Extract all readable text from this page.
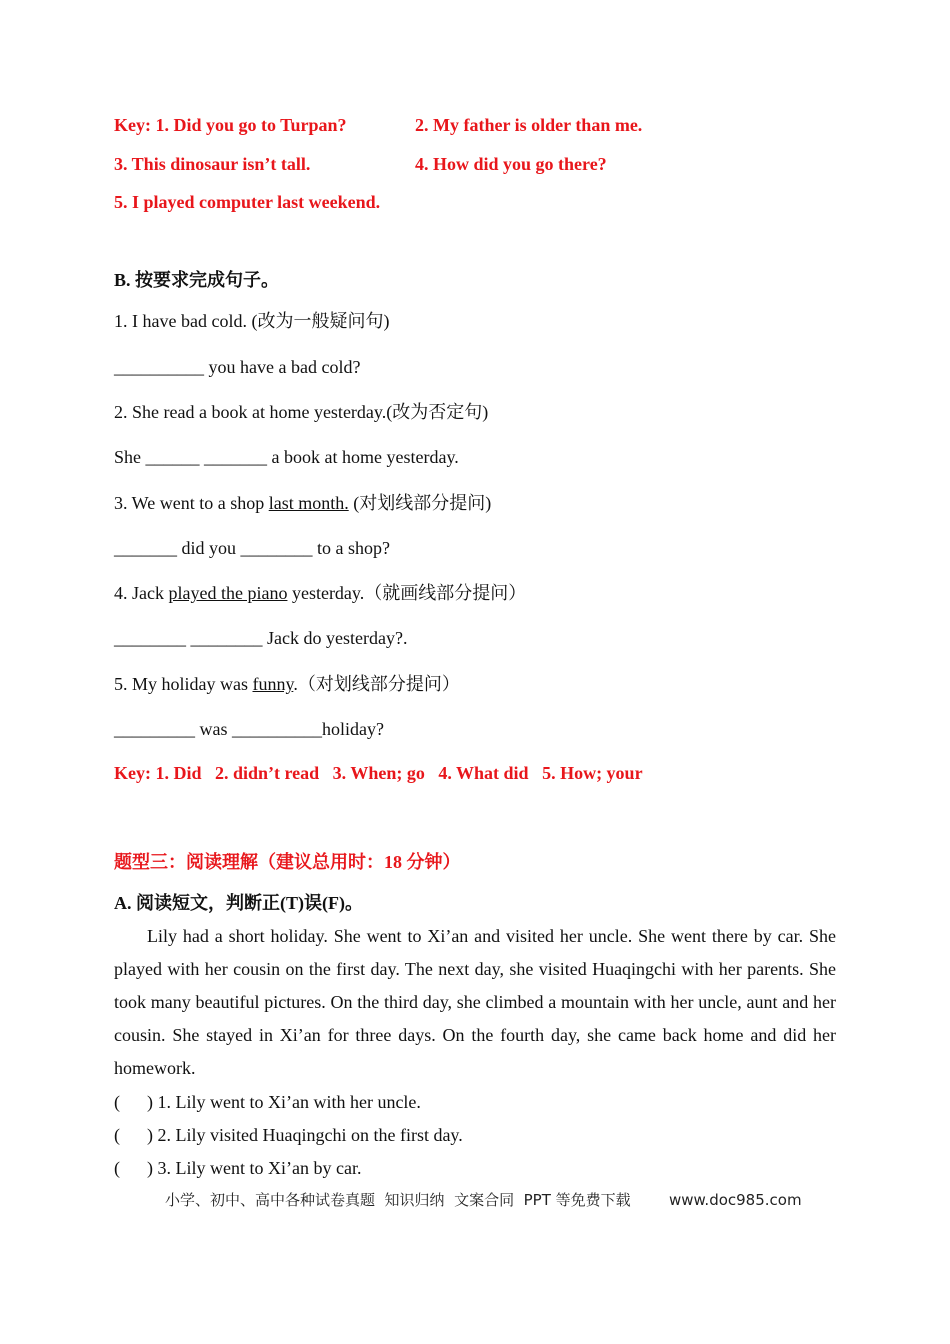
Key: 1. Did you go to Turpan?	2. My father is older than me.
3. This dinosaur isn’t tall.	4. How did you go there?
5. I played computer last weekend.
B. 按要求完成句子。
1. I have bad cold. (改为一般疑问句)
__________ you have a bad cold?
2. She read a book at home yesterday.(改为否定句)
She ______ _______ a book at home yesterday.
3. We went to a shop last month. (对划线部分提问)
_______ did you ________ to a shop?
4. Jack played the piano yesterday.（就画线部分提问）
________ ________ Jack do yesterday?.
5. My holiday was funny.（对划线部分提问）
_________ was __________holiday?
Key: 1. Did   2. didn’t read   3. When; go   4. What did   5. How; your
题型三：阅读理解（建议总用时：18 分钟）
A. 阅读短文，判断正(T)误(F)。
Lily had a short holiday. She went to Xi’an and visited her uncle. She went there by car. She played with her cousin on the first day. The next day, she visited Huaqingchi with her parents. She took many beautiful pictures. On the third day, she climbed a mountain with her uncle, aunt and her cousin. She stayed in Xi’an for three days. On the fourth day, she came back home and did her homework.
(      ) 1. Lily went to Xi’an with her uncle.
(      ) 2. Lily visited Huaqingchi on the first day.
(      ) 3. Lily went to Xi’an by car.
小学、初中、高中各种试卷真题  知识归纳  文案合同  PPT 等免费下载	www.doc985.com
